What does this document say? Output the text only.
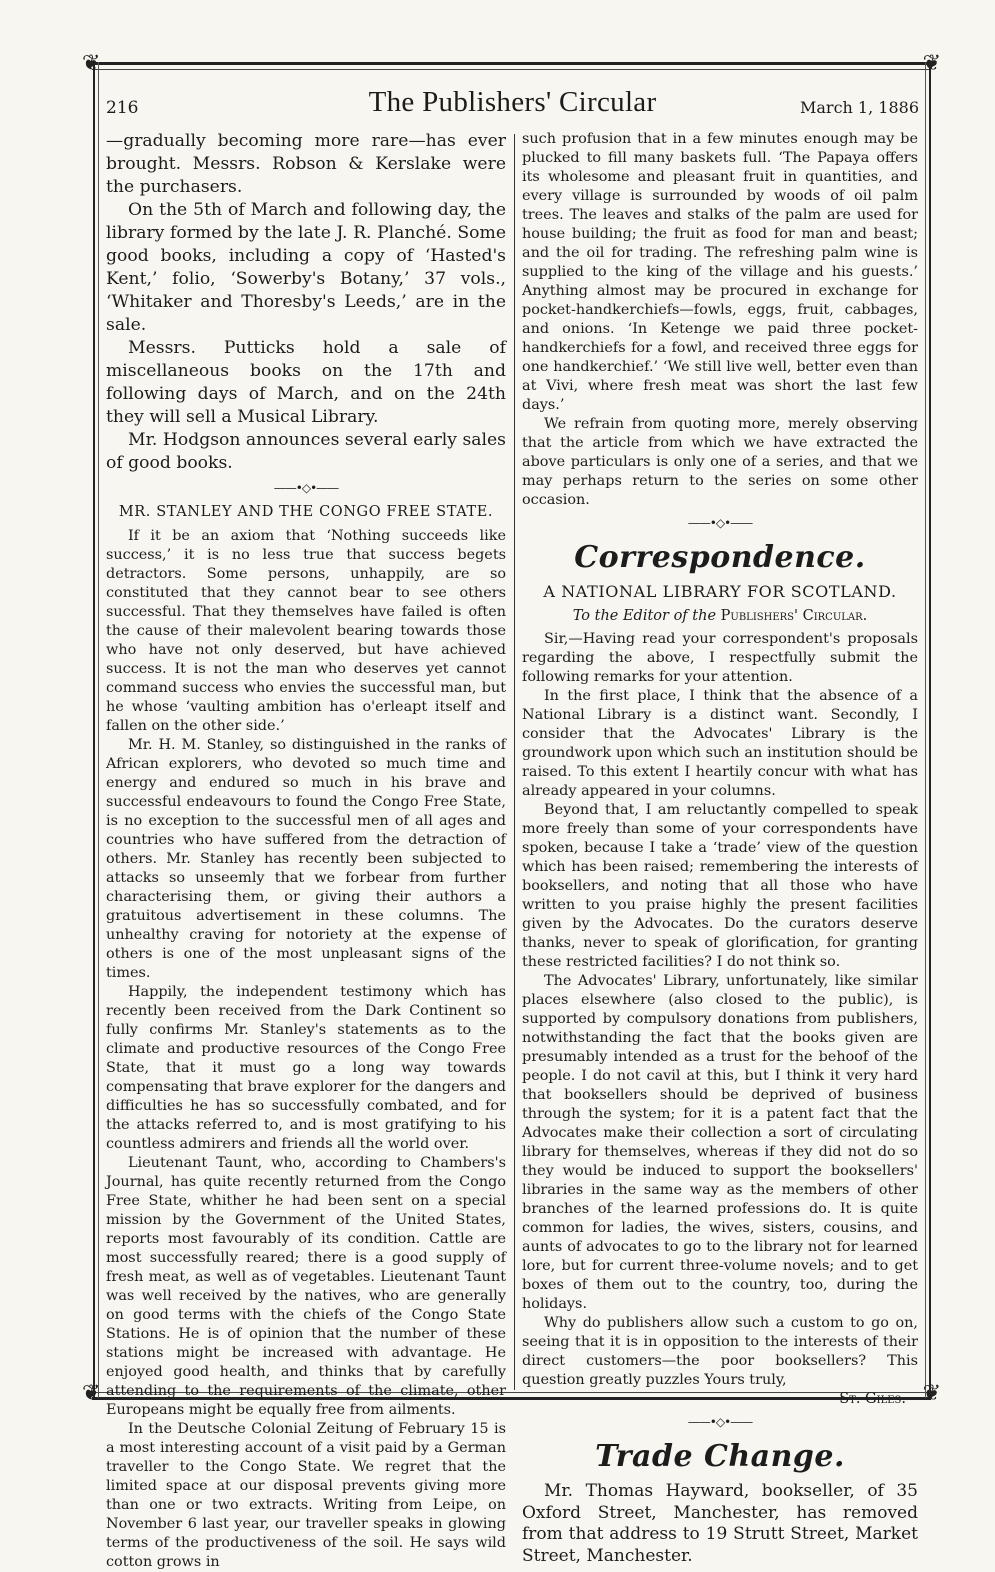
❦	❦
❦	❦
216	The Publishers' Circular	March 1, 1886

—gradually becoming more rare—has ever brought. Messrs. Robson & Kerslake were the purchasers.

On the 5th of March and following day, the library formed by the late J. R. Planché. Some good books, including a copy of ‘Hasted's Kent,’ folio, ‘Sowerby's Botany,’ 37 vols., ‘Whitaker and Thoresby's Leeds,’ are in the sale.

Messrs. Putticks hold a sale of miscellaneous books on the 17th and following days of March, and on the 24th they will sell a Musical Library.

Mr. Hodgson announces several early sales of good books.

——•◇•——
MR. STANLEY AND THE CONGO FREE STATE.

If it be an axiom that ‘Nothing succeeds like success,’ it is no less true that success begets detractors. Some persons, unhappily, are so constituted that they cannot bear to see others successful. That they themselves have failed is often the cause of their malevolent bearing towards those who have not only deserved, but have achieved success. It is not the man who deserves yet cannot command success who envies the successful man, but he whose ‘vaulting ambition has o'erleapt itself and fallen on the other side.’

Mr. H. M. Stanley, so distinguished in the ranks of African explorers, who devoted so much time and energy and endured so much in his brave and successful endeavours to found the Congo Free State, is no exception to the successful men of all ages and countries who have suffered from the detraction of others. Mr. Stanley has recently been subjected to attacks so unseemly that we forbear from further characterising them, or giving their authors a gratuitous advertisement in these columns. The unhealthy craving for notoriety at the expense of others is one of the most unpleasant signs of the times.

Happily, the independent testimony which has recently been received from the Dark Continent so fully confirms Mr. Stanley's statements as to the climate and productive resources of the Congo Free State, that it must go a long way towards compensating that brave explorer for the dangers and difficulties he has so successfully combated, and for the attacks referred to, and is most gratifying to his countless admirers and friends all the world over.

Lieutenant Taunt, who, according to Chambers's Journal, has quite recently returned from the Congo Free State, whither he had been sent on a special mission by the Government of the United States, reports most favourably of its condition. Cattle are most successfully reared; there is a good supply of fresh meat, as well as of vegetables. Lieutenant Taunt was well received by the natives, who are generally on good terms with the chiefs of the Congo State Stations. He is of opinion that the number of these stations might be increased with advantage. He enjoyed good health, and thinks that by carefully attending to the requirements of the climate, other Europeans might be equally free from ailments.

In the Deutsche Colonial Zeitung of February 15 is a most interesting account of a visit paid by a German traveller to the Congo State. We regret that the limited space at our disposal prevents giving more than one or two extracts. Writing from Leipe, on November 6 last year, our traveller speaks in glowing terms of the productiveness of the soil. He says wild cotton grows in

such profusion that in a few minutes enough may be plucked to fill many baskets full. ‘The Papaya offers its wholesome and pleasant fruit in quantities, and every village is surrounded by woods of oil palm trees. The leaves and stalks of the palm are used for house building; the fruit as food for man and beast; and the oil for trading. The refreshing palm wine is supplied to the king of the village and his guests.’ Anything almost may be procured in exchange for pocket-handkerchiefs—fowls, eggs, fruit, cabbages, and onions. ‘In Ketenge we paid three pocket-handkerchiefs for a fowl, and received three eggs for one handkerchief.’ ‘We still live well, better even than at Vivi, where fresh meat was short the last few days.’

We refrain from quoting more, merely observing that the article from which we have extracted the above particulars is only one of a series, and that we may perhaps return to the series on some other occasion.

——•◇•——
Correspondence.
A NATIONAL LIBRARY FOR SCOTLAND.
To the Editor of the Publishers' Circular.

Sir,—Having read your correspondent's proposals regarding the above, I respectfully submit the following remarks for your attention.

In the first place, I think that the absence of a National Library is a distinct want. Secondly, I consider that the Advocates' Library is the groundwork upon which such an institution should be raised. To this extent I heartily concur with what has already appeared in your columns.

Beyond that, I am reluctantly compelled to speak more freely than some of your correspondents have spoken, because I take a ‘trade’ view of the question which has been raised; remembering the interests of booksellers, and noting that all those who have written to you praise highly the present facilities given by the Advocates. Do the curators deserve thanks, never to speak of glorification, for granting these restricted facilities? I do not think so.

The Advocates' Library, unfortunately, like similar places elsewhere (also closed to the public), is supported by compulsory donations from publishers, notwithstanding the fact that the books given are presumably intended as a trust for the behoof of the people. I do not cavil at this, but I think it very hard that booksellers should be deprived of business through the system; for it is a patent fact that the Advocates make their collection a sort of circulating library for themselves, whereas if they did not do so they would be induced to support the booksellers' libraries in the same way as the members of other branches of the learned professions do. It is quite common for ladies, the wives, sisters, cousins, and aunts of advocates to go to the library not for learned lore, but for current three-volume novels; and to get boxes of them out to the country, too, during the holidays.

Why do publishers allow such a custom to go on, seeing that it is in opposition to the interests of their direct customers—the poor booksellers? This question greatly puzzles Yours truly,

St. Giles.
——•◇•——
Trade Change.

Mr. Thomas Hayward, bookseller, of 35 Oxford Street, Manchester, has removed from that address to 19 Strutt Street, Market Street, Manchester.
